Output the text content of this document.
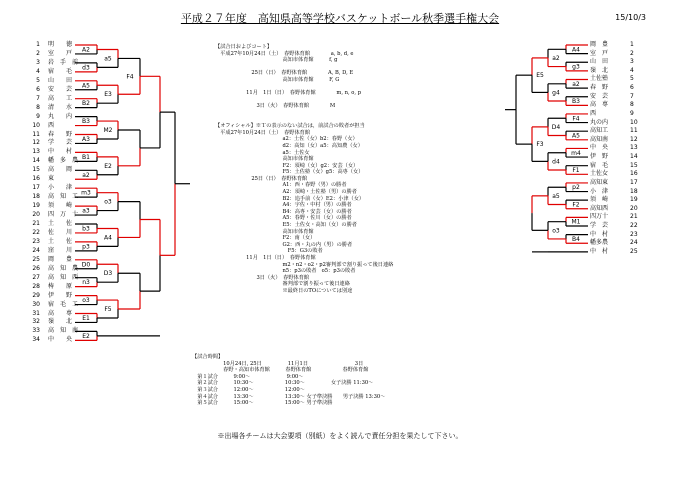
平成２７年度　高知県高等学校バスケットボール秋季選手権大会	15/10/3
1 明　　徳
2 室　　戸
3 岩　手　前
4 宿　　毛
5 山　　田
6 安　　芸
7 高　　工
8 清　　水
9 丸　　内
10 西
11 春　　野
12 学　　芸
13 中　　村
14 幡　多　農
15 高　　岡
16 東
17 小　　津
18 高　知　工
19 須　　崎
20 四　万　十
21 土　　佐
22 佐　　川
23 土　　佐
24 窪　　川
25 岡　　豊
26 高　知　農
27 高　知　西
28 梼　　原
29 伊　　野
30 宿　毛　工
31 高　　専
32 嶺　　北
33 高　知　南
34 中　　央
岡　豊	1
室　戸	2
山　田	3
嶺　北	4
土佐塾	5
春　野	6
安　芸	7
高　専	8
西	9
丸の内	10
高知工	11
高知南	12
中　央	13
伊　野	14
宿　毛	15
土佐女	16
高知東	17
小　津	18
須　崎	19
高知西	20
四万十	21
学　芸	22
中　村	23
幡多農	24
中　村	25
A2
d3
A5
B2
B3
A3
B1
a2
m3
a3
b3
p3
D0
n3
o3
E1
E2
a5
E3
M2
E2
o3
A4
D3
F5
F4
A4
g3
a2
B3
F4
A5
m4
F1
p2
F2
M1
B4
a2
g4
D4
d4
a5
o3
E5
F3
【試合日およびコート】
　平成27年10月24日（土）　春野体育館　　　　a, b, d, e
　　　　　　　　　　　　　高知市体育館　　　f, g

　　　　　　　25日（日）　春野体育館　　　　A, B, D, E
　　　　　　　　　　　　　高知市体育館　　　F, G

　　　　　　11月　1日（日）　春野体育館　　　　m, n, o, p

　　　　　　　　3日（火）　春野体育館　　　　M

【オフィシャル】※Ｔの表示のない試合は，前試合の敗者が担当
　平成27年10月24日（土）　春野体育館
　　　　　　　　　　　　　a2：土佐（女）b2：春野（女）
　　　　　　　　　　　　　d2：高知（女）a5：高知農（女）
　　　　　　　　　　　　　a5：土佐女
　　　　　　　　　　　　　高知市体育館
　　　　　　　　　　　　　F2：須崎（女）g2：安芸（女）
　　　　　　　　　　　　　F5：土佐塾（女）g5：高専（女）
　　　　　　　25日（日）　春野体育館
　　　　　　　　　　　　　A1：西・春野（男）の勝者
　　　　　　　　　　　　　A2：須崎・土佐塾（男）の勝者
　　　　　　　　　　　　　B2：追手前（女）E2：小津（女）
　　　　　　　　　　　　　A4：宇佐・中村（男）の勝者
　　　　　　　　　　　　　B4：高専・安芸（女）の勝者
　　　　　　　　　　　　　A5：春野・佐川（女）の勝者
　　　　　　　　　　　　　E5：土佐女・高知（女）の勝者
　　　　　　　　　　　　　高知市体育館
　　　　　　　　　　　　　F2：南（女）
　　　　　　　　　　　　　G2：西・丸の内（男）の勝者
　　　　　　　　　　　　　　F5：G3の敗者
　　　　　　11月　1日（日）　春野体育館
　　　　　　　　　　　　　m2・n2・o2・p2審判部で割り振って後日連絡
　　　　　　　　　　　　　n5：p3の敗者　o5：p3の敗者
　　　　　　　　3日（火）　春野体育館
　　　　　　　　　　　　　審判部で割り振って後日連絡
　　　　　　　　　　　　　※最終日のTOについては別途
【試合時間】
　　　　　　10月24日, 25日　　　　　11月1日　　　　　　　　　3日
　　　　　　春野・高知市体育館　　　春野体育館　　　　　　春野体育館
　第１試合　　　9:00～　　　　　　　9:00～
　第２試合　　　10:30～　　　　　　10:30～　　　　　女子決勝 11:30～
　第３試合　　　12:00～　　　　　　12:00～
　第４試合　　　13:30～　　　　　　13:30～ 女子準決勝　　男子決勝 13:30～
　第５試合　　　15:00～　　　　　　15:00～ 男子準決勝
※出場各チームは大会要項（別紙）をよく読んで責任分担を果たして下さい。
